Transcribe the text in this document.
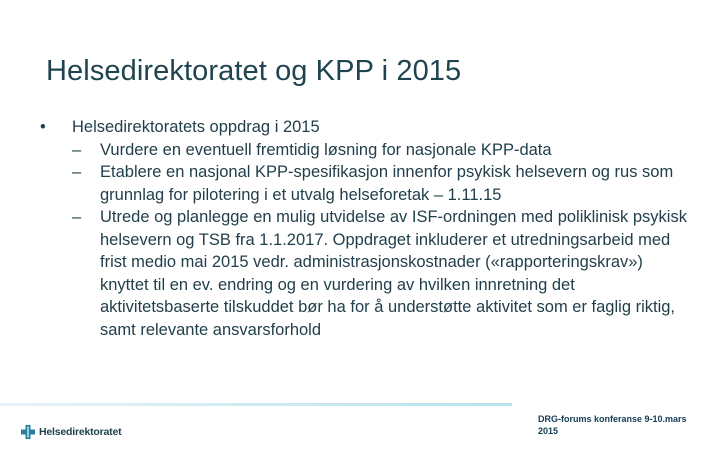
Helsedirektoratet og KPP i 2015
•	Helsedirektoratets oppdrag i 2015
– Vurdere en eventuell fremtidig løsning for nasjonale KPP-data
– Etablere en nasjonal KPP-spesifikasjon innenfor psykisk helsevern og rus som grunnlag for pilotering i et utvalg helseforetak – 1.11.15
– Utrede og planlegge en mulig utvidelse av ISF-ordningen med poliklinisk psykisk helsevern og TSB fra 1.1.2017. Oppdraget inkluderer et utredningsarbeid med frist medio mai 2015 vedr. administrasjonskostnader («rapporteringskrav») knyttet til en ev. endring og en vurdering av hvilken innretning det aktivitetsbaserte tilskuddet bør ha for å understøtte aktivitet som er faglig riktig, samt relevante ansvarsforhold
Helsedirektoratet
DRG-forums konferanse 9-10.mars
2015
